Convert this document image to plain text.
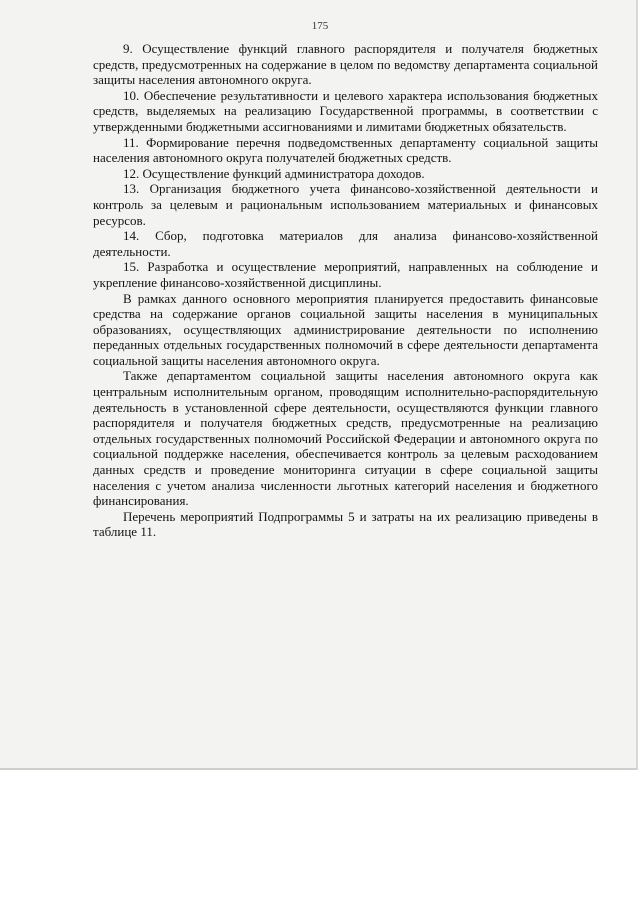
175

9. Осуществление функций главного распорядителя и получателя бюджетных средств, предусмотренных на содержание в целом по ведомству департамента социальной защиты населения автономного округа.

10. Обеспечение результативности и целевого характера использования бюджетных средств, выделяемых на реализацию Государственной программы, в соответствии с утвержденными бюджетными ассигнованиями и лимитами бюджетных обязательств.

11. Формирование перечня подведомственных департаменту социальной защиты населения автономного округа получателей бюджетных средств.

12. Осуществление функций администратора доходов.

13. Организация бюджетного учета финансово-хозяйственной деятельности и контроль за целевым и рациональным использованием материальных и финансовых ресурсов.

14. Сбор, подготовка материалов для анализа финансово-хозяйственной деятельности.

15. Разработка и осуществление мероприятий, направленных на соблюдение и укрепление финансово-хозяйственной дисциплины.

В рамках данного основного мероприятия планируется предоставить финансовые средства на содержание органов социальной защиты населения в муниципальных образованиях, осуществляющих администрирование деятельности по исполнению переданных отдельных государственных полномочий в сфере деятельности департамента социальной защиты населения автономного округа.

Также департаментом социальной защиты населения автономного округа как центральным исполнительным органом, проводящим исполнительно-распорядительную деятельность в установленной сфере деятельности, осуществляются функции главного распорядителя и получателя бюджетных средств, предусмотренные на реализацию отдельных государственных полномочий Российской Федерации и автономного округа по социальной поддержке населения, обеспечивается контроль за целевым расходованием данных средств и проведение мониторинга ситуации в сфере социальной защиты населения с учетом анализа численности льготных категорий населения и бюджетного финансирования.

Перечень мероприятий Подпрограммы 5 и затраты на их реализацию приведены в таблице 11.
